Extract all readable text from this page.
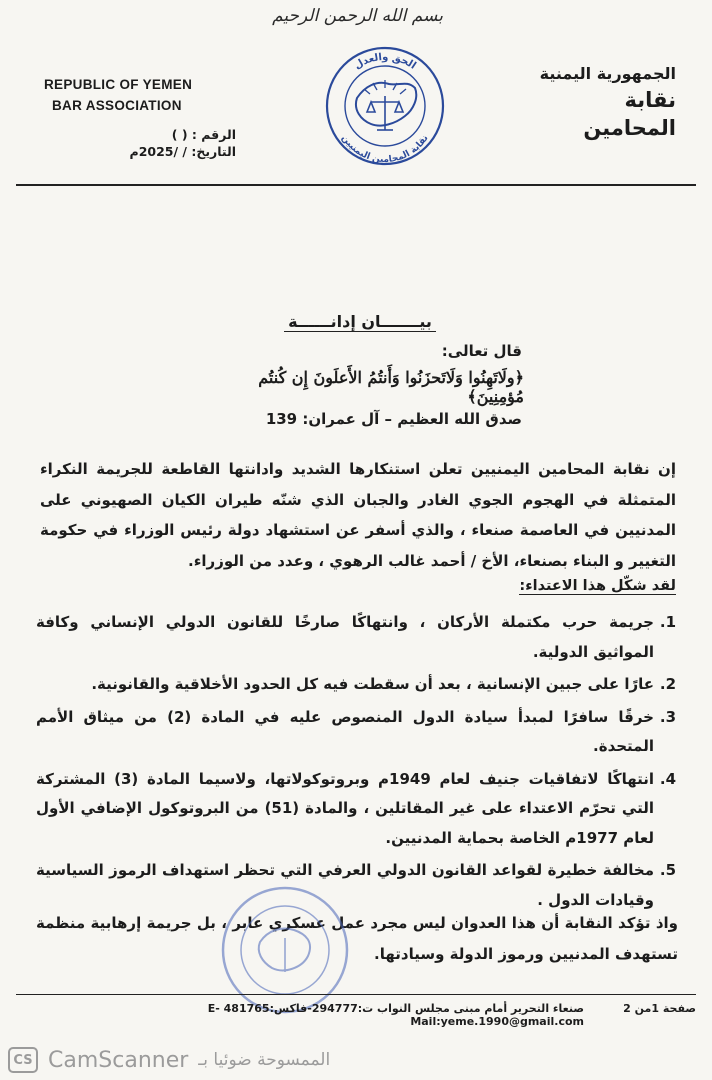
بسم الله الرحمن الرحيم
REPUBLIC OF YEMEN
BAR ASSOCIATION
الرقم : ( )
التاريخ: / /2025م
الجمهورية اليمنية
نقابة المحامين
الحق والعدل
نقابة المحامين اليمنيين
بيـــــــان إدانــــــة
قال تعالى:
﴿ولَاتَهِنُوا وَلَاتَحزَنُوا وَأَنتُمُ الأَعلَونَ إِن كُنتُم مُؤمِنِينَ﴾
صدق الله العظيم – آل عمران: 139

إن نقابة المحامين اليمنيين تعلن استنكارها الشديد وادانتها القاطعة للجريمة النكراء المتمثلة في الهجوم الجوي الغادر والجبان الذي شنّه طيران الكيان الصهيوني على المدنيين في العاصمة صنعاء ، والذي أسفر عن استشهاد دولة رئيس الوزراء في حكومة التغيير و البناء بصنعاء، الأخ / أحمد غالب الرهوي ، وعدد من الوزراء.

لقد شكّل هذا الاعتداء:
1.
جريمة حرب مكتملة الأركان ، وانتهاكًا صارخًا للقانون الدولي الإنساني وكافة المواثيق الدولية.
2.
عارًا على جبين الإنسانية ، بعد أن سقطت فيه كل الحدود الأخلاقية والقانونية.
3.
خرقًا سافرًا لمبدأ سيادة الدول المنصوص عليه في المادة (2) من ميثاق الأمم المتحدة.
4.
انتهاكًا لاتفاقيات جنيف لعام 1949م وبروتوكولاتها، ولاسيما المادة (3) المشتركة التي تحرّم الاعتداء على غير المقاتلين ، والمادة (51) من البروتوكول الإضافي الأول لعام 1977م الخاصة بحماية المدنيين.
5.
مخالفة خطيرة لقواعد القانون الدولي العرفي التي تحظر استهداف الرموز السياسية وقيادات الدول .
واذ تؤكد النقابة أن هذا العدوان ليس مجرد عمل عسكري عابر ، بل جريمة إرهابية منظمة تستهدف المدنيين ورموز الدولة وسيادتها.
صنعاء التحرير أمام مبنى مجلس النواب ت:294777-فاكس:481765 E-Mail:yeme.1990@gmail.com
صفحة 1من 2
CS CamScanner الممسوحة ضوئيا بـ
